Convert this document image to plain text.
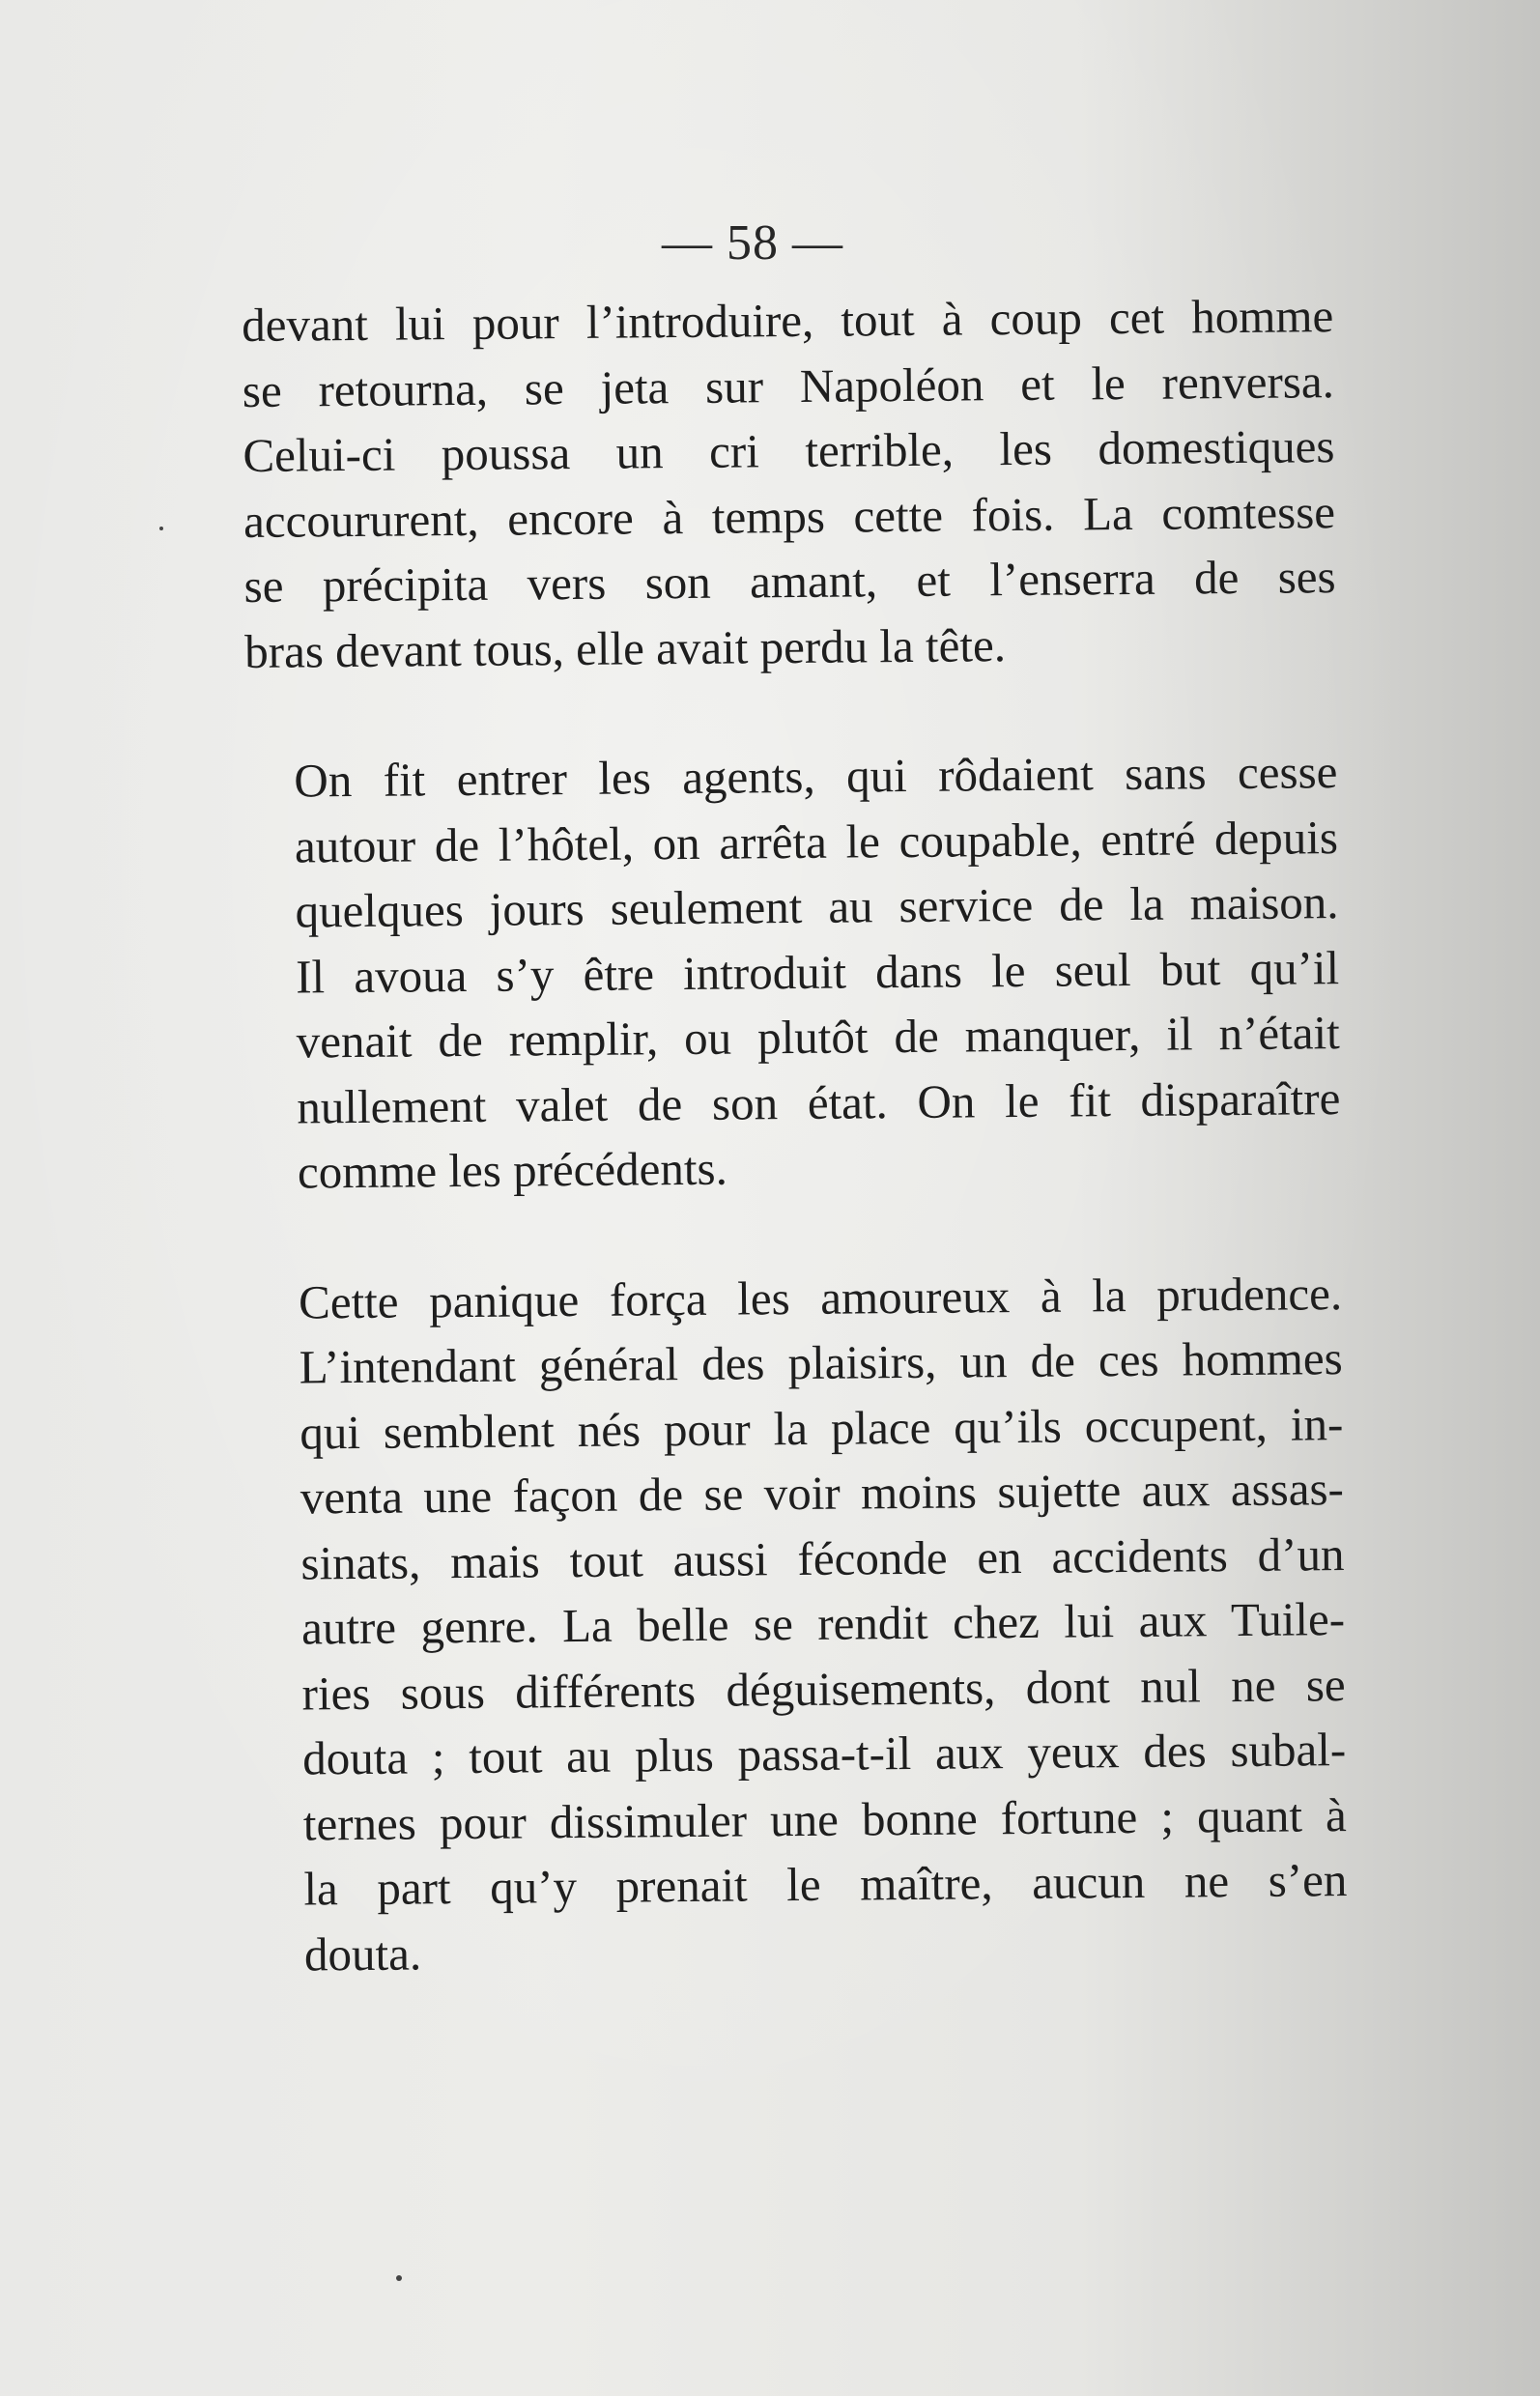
— 58 —

devant lui pour l’introduire, tout à coup cet homme
se retourna, se jeta sur Napoléon et le renversa.
Celui-ci poussa un cri terrible, les domestiques
accoururent, encore à temps cette fois. La comtesse
se précipita vers son amant, et l’enserra de ses
bras devant tous, elle avait perdu la tête.

On fit entrer les agents, qui rôdaient sans cesse
autour de l’hôtel, on arrêta le coupable, entré depuis
quelques jours seulement au service de la maison.
Il avoua s’y être introduit dans le seul but qu’il
venait de remplir, ou plutôt de manquer, il n’était
nullement valet de son état. On le fit disparaître
comme les précédents.

Cette panique força les amoureux à la prudence.
L’intendant général des plaisirs, un de ces hommes
qui semblent nés pour la place qu’ils occupent, in-
venta une façon de se voir moins sujette aux assas-
sinats, mais tout aussi féconde en accidents d’un
autre genre. La belle se rendit chez lui aux Tuile-
ries sous différents déguisements, dont nul ne se
douta ; tout au plus passa-t-il aux yeux des subal-
ternes pour dissimuler une bonne fortune ; quant à
la part qu’y prenait le maître, aucun ne s’en
douta.
